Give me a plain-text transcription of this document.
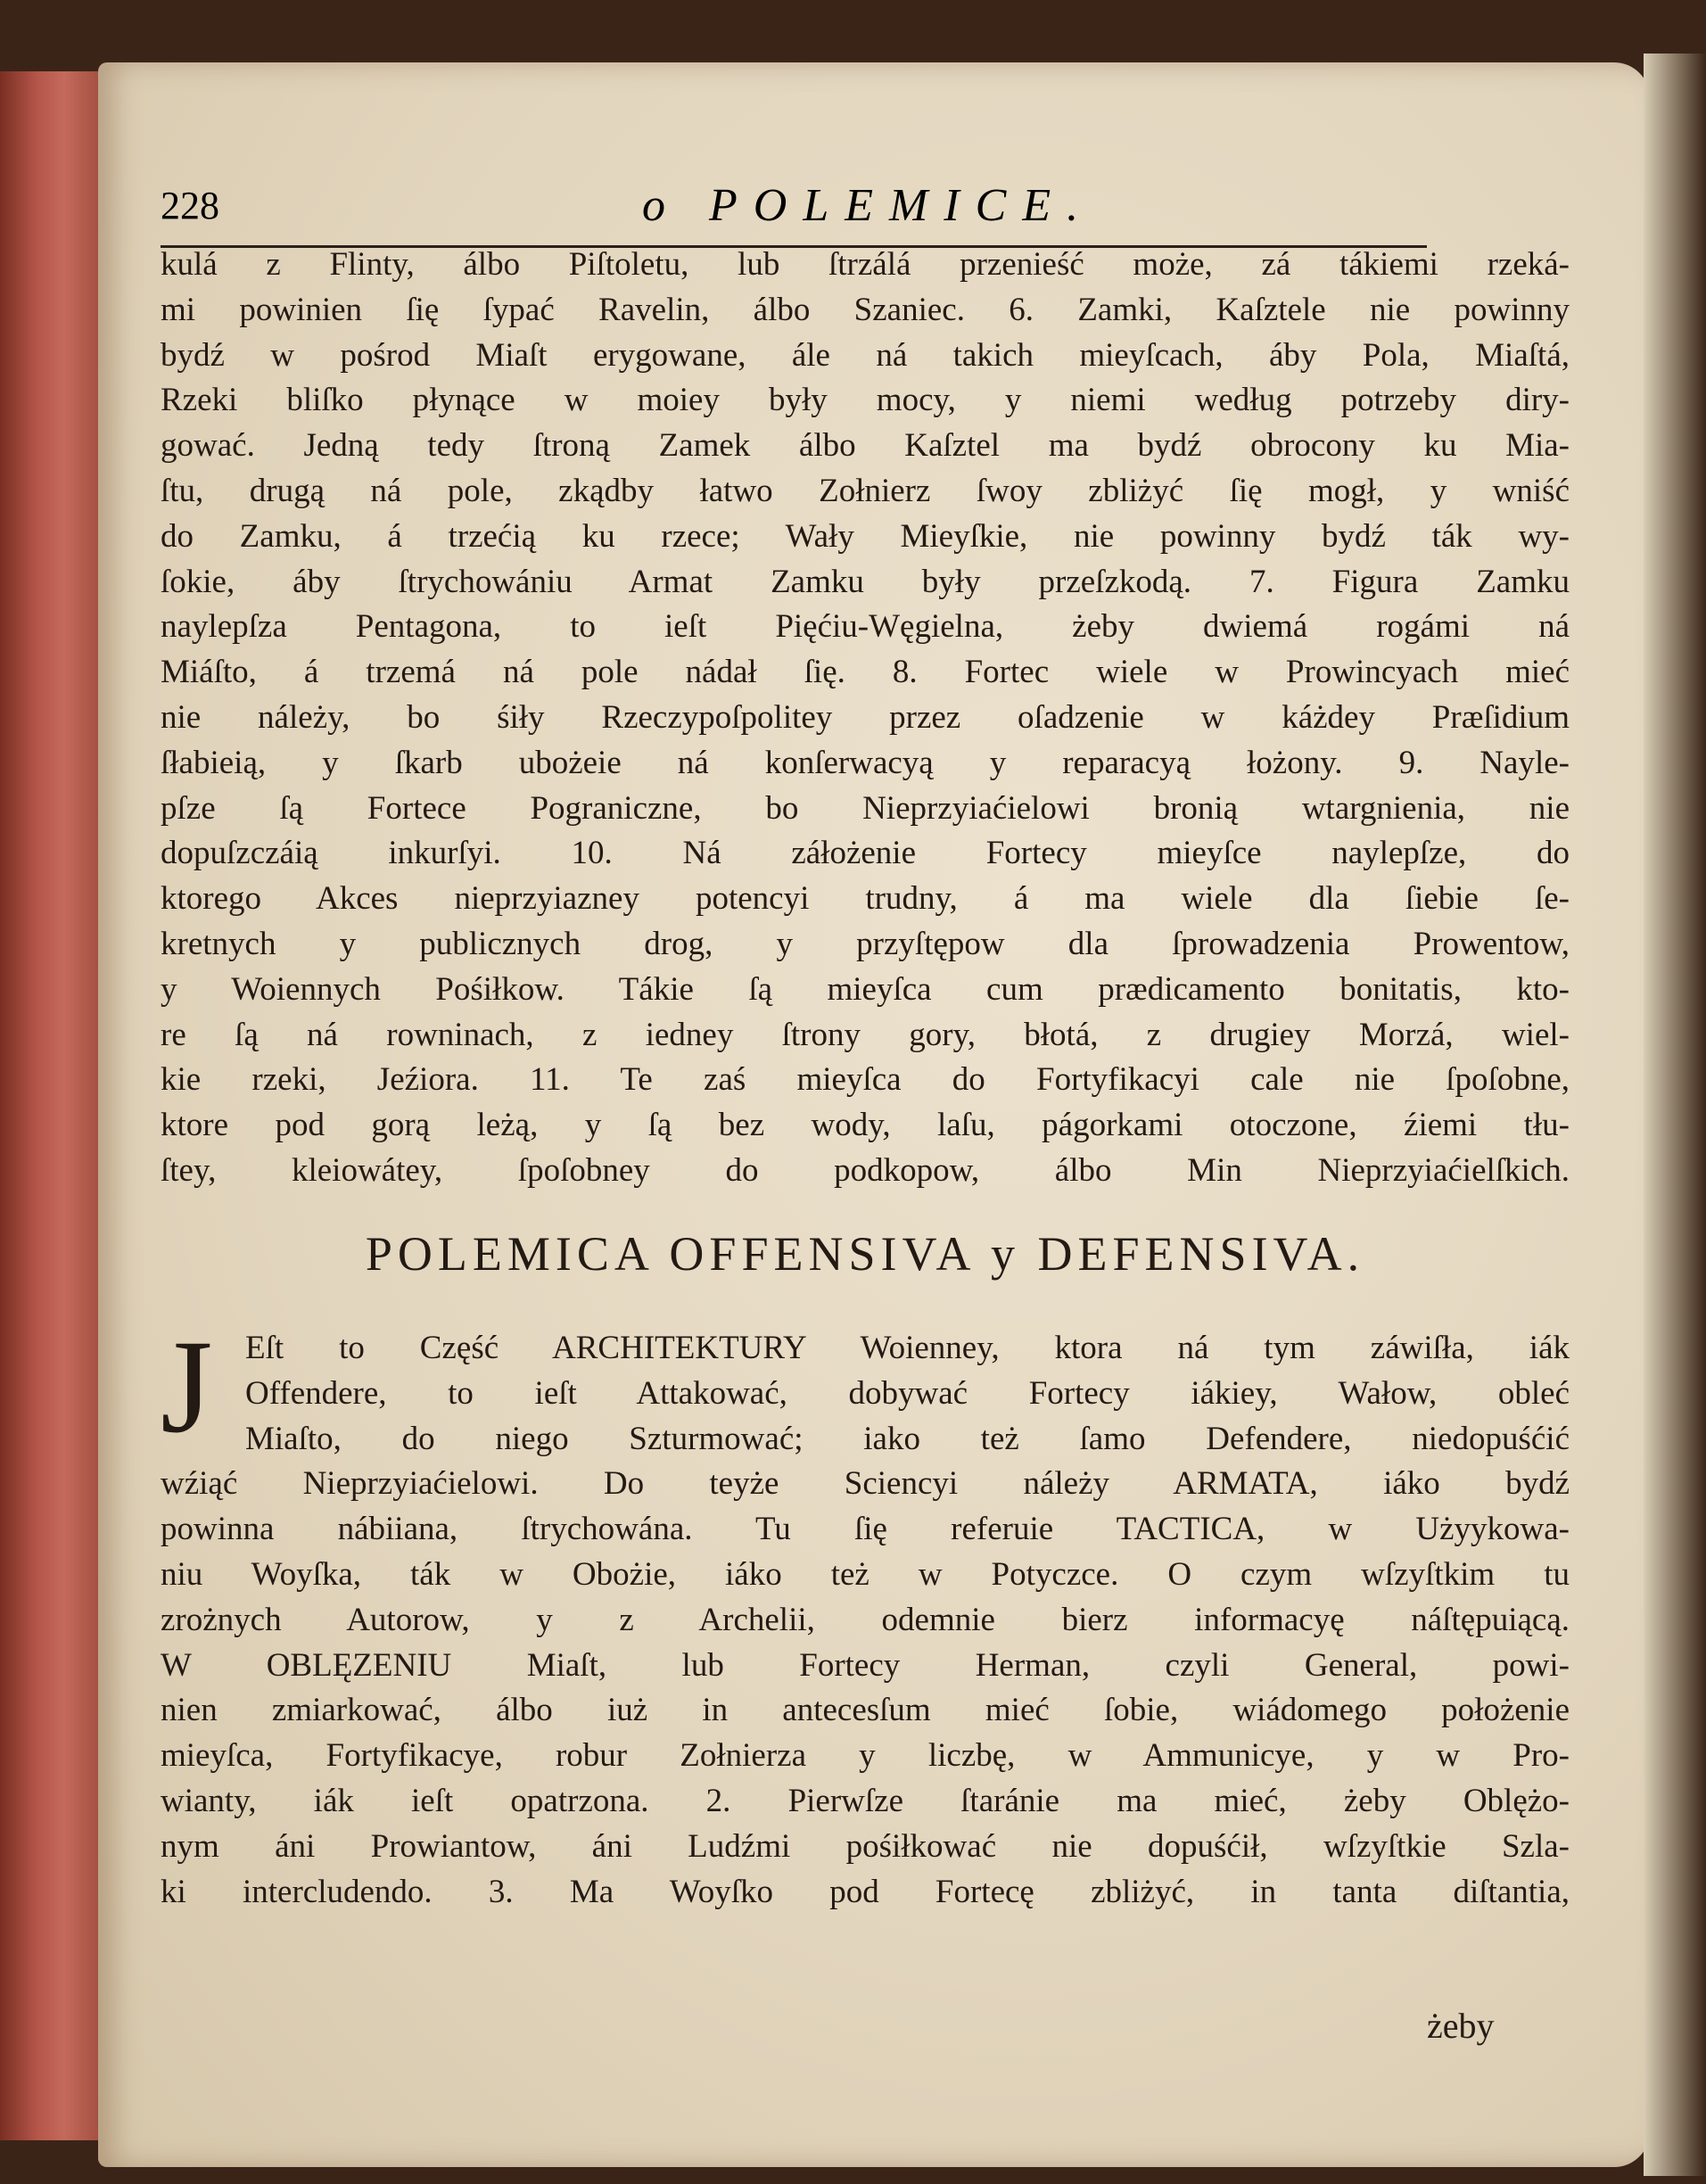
228	o POLEMICE.
kulá z Flinty, álbo Piſtoletu, lub ſtrzálá przenieść może, zá tákiemi rzeká-
mi powinien ſię ſypać Ravelin, álbo Szaniec. 6. Zamki, Kaſztele nie powinny
bydź w pośrod Miaſt erygowane, ále ná takich mieyſcach, áby Pola, Miaſtá,
Rzeki bliſko płynące w moiey były mocy, y niemi według potrzeby diry-
gować. Jedną tedy ſtroną Zamek álbo Kaſztel ma bydź obrocony ku Mia-
ſtu, drugą ná pole, zkądby łatwo Zołnierz ſwoy zbliżyć ſię mogł, y wniść
do Zamku, á trzećią ku rzece; Wały Mieyſkie, nie powinny bydź ták wy-
ſokie, áby ſtrychowániu Armat Zamku były przeſzkodą. 7. Figura Zamku
naylepſza Pentagona, to ieſt Pięćiu-Węgielna, żeby dwiemá rogámi ná
Miáſto, á trzemá ná pole nádał ſię. 8. Fortec wiele w Prowincyach mieć
nie náleży, bo śiły Rzeczypoſpolitey przez oſadzenie w káżdey Præſidium
ſłabieią, y ſkarb ubożeie ná konſerwacyą y reparacyą łożony. 9. Nayle-
pſze ſą Fortece Pograniczne, bo Nieprzyiaćielowi bronią wtargnienia, nie
dopuſzczáią inkurſyi. 10. Ná záłożenie Fortecy mieyſce naylepſze, do
ktorego Akces nieprzyiazney potencyi trudny, á ma wiele dla ſiebie ſe-
kretnych y publicznych drog, y przyſtępow dla ſprowadzenia Prowentow,
y Woiennych Pośiłkow. Tákie ſą mieyſca cum prædicamento bonitatis, kto-
re ſą ná rowninach, z iedney ſtrony gory, błotá, z drugiey Morzá, wiel-
kie rzeki, Jeźiora. 11. Te zaś mieyſca do Fortyfikacyi cale nie ſpoſobne,
ktore pod gorą leżą, y ſą bez wody, laſu, págorkami otoczone, źiemi tłu-
ſtey, kleiowátey, ſpoſobney do podkopow, álbo Min Nieprzyiaćielſkich.
POLEMICA OFFENSIVA y DEFENSIVA.
J Eſt to Część ARCHITEKTURY Woienney, ktora ná tym záwiſła, iák
Offendere, to ieſt Attakować, dobywać Fortecy iákiey, Wałow, obleć
Miaſto, do niego Szturmować; iako też ſamo Defendere, niedopuśćić
wźiąć Nieprzyiaćielowi. Do teyże Sciencyi náleży ARMATA, iáko bydź
powinna nábiiana, ſtrychowána. Tu ſię referuie TACTICA, w Użyykowa-
niu Woyſka, ták w Obożie, iáko też w Potyczce. O czym wſzyſtkim tu
zrożnych Autorow, y z Archelii, odemnie bierz informacyę náſtępuiącą.
W OBLĘZENIU Miaſt, lub Fortecy Herman, czyli General, powi-
nien zmiarkować, álbo iuż in antecesſum mieć ſobie, wiádomego położenie
mieyſca, Fortyfikacye, robur Zołnierza y liczbę, w Ammunicye, y w Pro-
wianty, iák ieſt opatrzona. 2. Pierwſze ſtaránie ma mieć, żeby Oblężo-
nym áni Prowiantow, áni Ludźmi pośiłkować nie dopuśćił, wſzyſtkie Szla-
ki intercludendo. 3. Ma Woyſko pod Fortecę zbliżyć, in tanta diſtantia,
żeby
